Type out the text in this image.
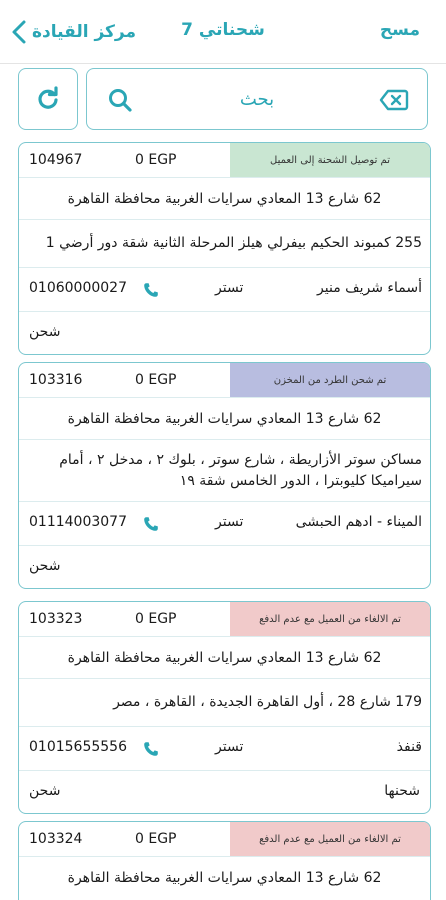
مركز القيادة	شحناتي 7	مسح
بحث
تم توصيل الشحنة إلى العميل
104967	0 EGP
62 شارع 13 المعادي سرايات الغربية محافظة القاهرة
255 كمبوند الحكيم بيفرلي هيلز المرحلة الثانية شقة دور أرضي 1
01060000027	تستر	أسماء شريف منير
شحن
تم شحن الطرد من المخزن
103316	0 EGP
62 شارع 13 المعادي سرايات الغربية محافظة القاهرة
مساكن سوتر الأزاريطة ، شارع سوتر ، بلوك ٢ ، مدخل ٢ ، أمام سيراميكا كليوبترا ، الدور الخامس شقة ١٩
01114003077	تستر	الميناء - ادهم الحبشى
شحن
تم الالغاء من العميل مع عدم الدفع
103323	0 EGP
62 شارع 13 المعادي سرايات الغربية محافظة القاهرة
179 شارع 28 ، أول القاهرة الجديدة ، القاهرة ، مصر
01015655556	تستر	قنفذ
شحنها
شحن
تم الالغاء من العميل مع عدم الدفع
103324	0 EGP
62 شارع 13 المعادي سرايات الغربية محافظة القاهرة
